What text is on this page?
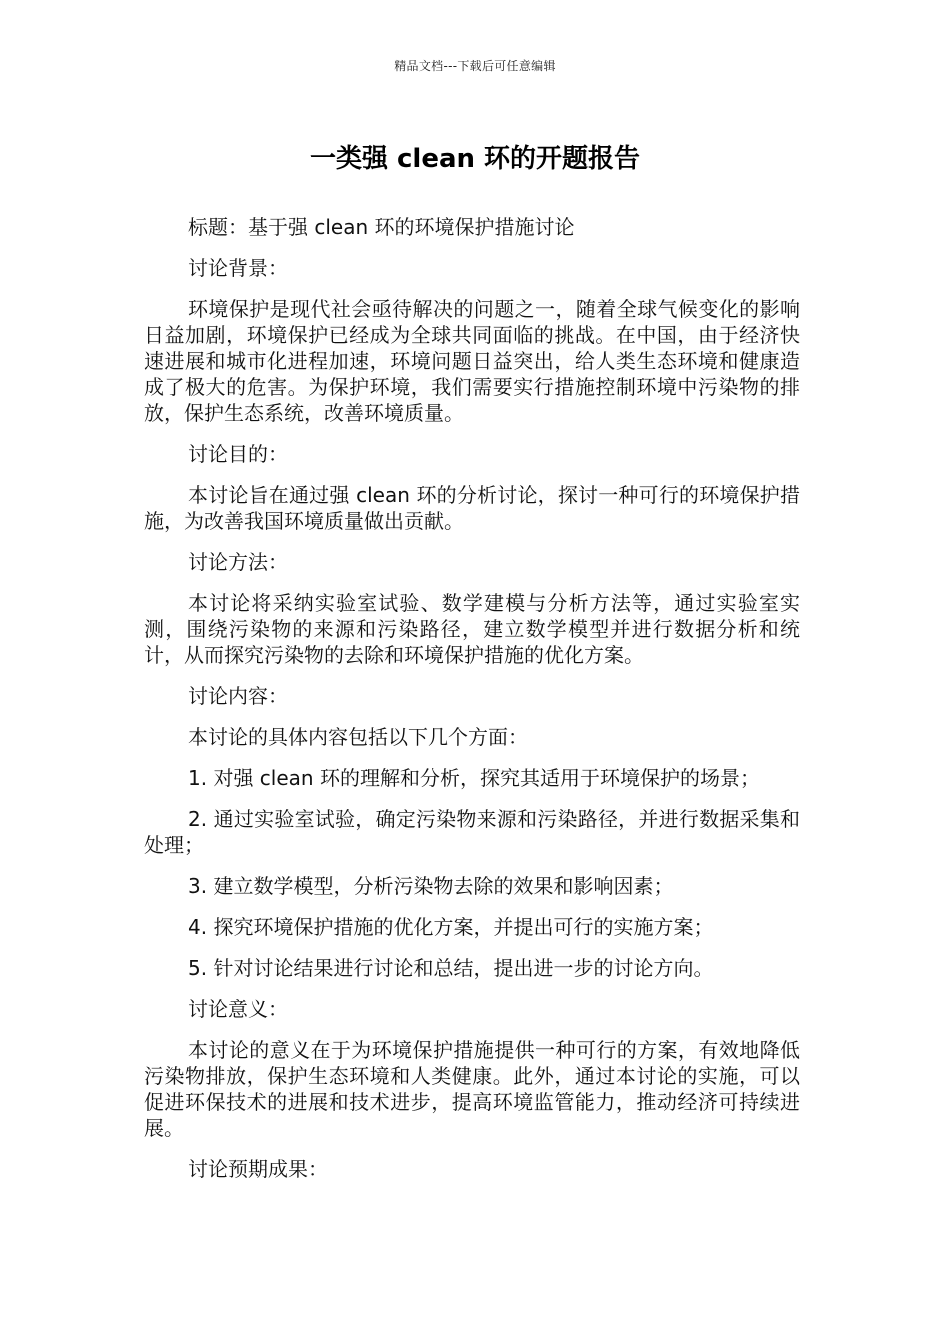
精品文档---下载后可任意编辑
一类强 clean 环的开题报告

标题：基于强 clean 环的环境保护措施讨论

讨论背景：

环境保护是现代社会亟待解决的问题之一，随着全球气候变化的影响日益加剧，环境保护已经成为全球共同面临的挑战。在中国，由于经济快速进展和城市化进程加速，环境问题日益突出，给人类生态环境和健康造成了极大的危害。为保护环境，我们需要实行措施控制环境中污染物的排放，保护生态系统，改善环境质量。

讨论目的：

本讨论旨在通过强 clean 环的分析讨论，探讨一种可行的环境保护措施，为改善我国环境质量做出贡献。

讨论方法：

本讨论将采纳实验室试验、数学建模与分析方法等，通过实验室实测，围绕污染物的来源和污染路径，建立数学模型并进行数据分析和统计，从而探究污染物的去除和环境保护措施的优化方案。

讨论内容：

本讨论的具体内容包括以下几个方面：

1. 对强 clean 环的理解和分析，探究其适用于环境保护的场景；

2. 通过实验室试验，确定污染物来源和污染路径，并进行数据采集和处理；

3. 建立数学模型，分析污染物去除的效果和影响因素；

4. 探究环境保护措施的优化方案，并提出可行的实施方案；

5. 针对讨论结果进行讨论和总结，提出进一步的讨论方向。

讨论意义：

本讨论的意义在于为环境保护措施提供一种可行的方案，有效地降低污染物排放，保护生态环境和人类健康。此外，通过本讨论的实施，可以促进环保技术的进展和技术进步，提高环境监管能力，推动经济可持续进展。

讨论预期成果：
